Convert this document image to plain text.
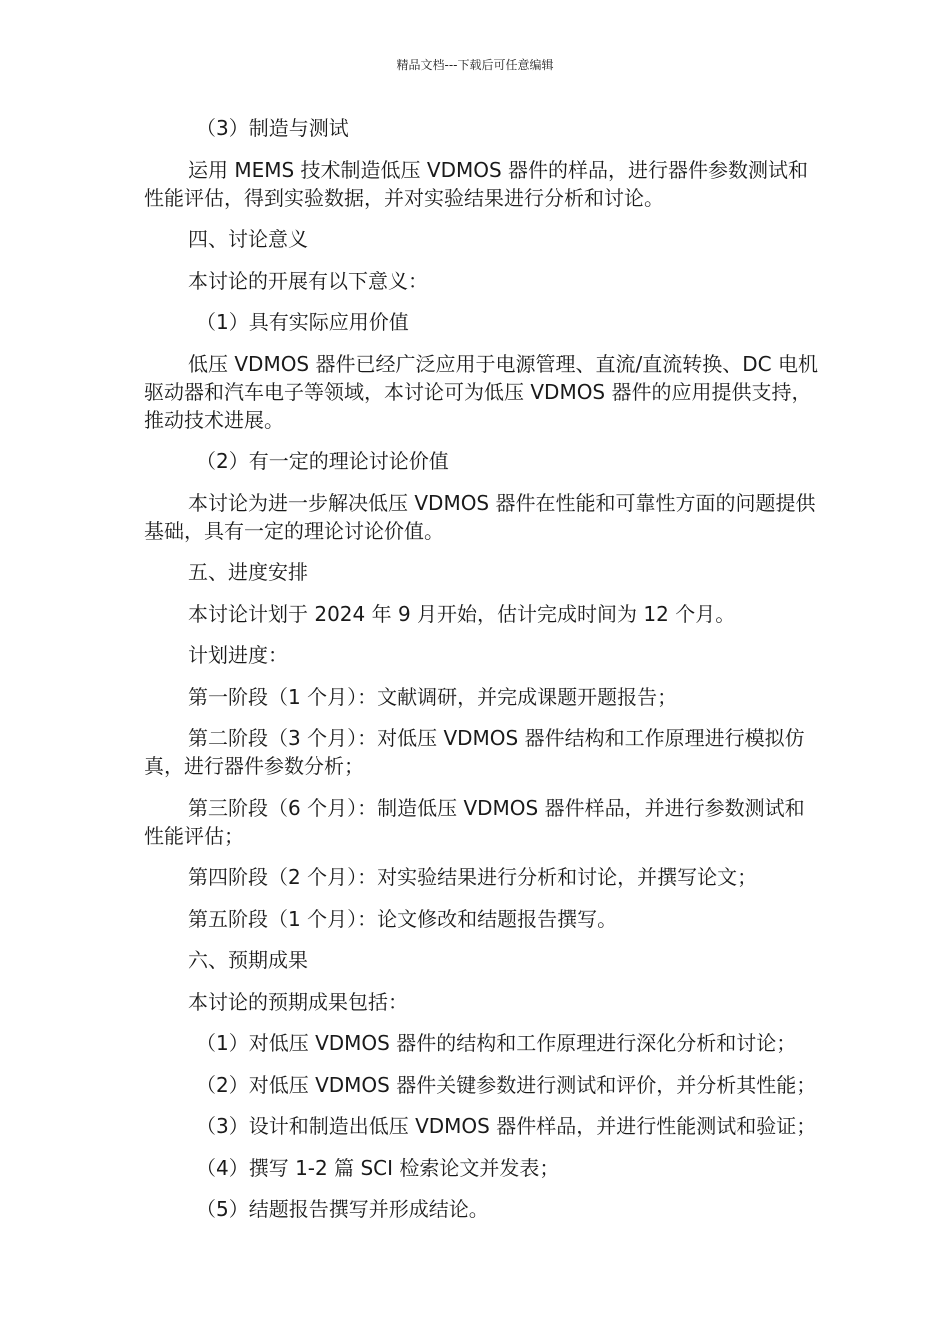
精品文档---下载后可任意编辑

（3）制造与测试

运用 MEMS 技术制造低压 VDMOS 器件的样品，进行器件参数测试和性能评估，得到实验数据，并对实验结果进行分析和讨论。

四、讨论意义

本讨论的开展有以下意义：

（1）具有实际应用价值

低压 VDMOS 器件已经广泛应用于电源管理、直流/直流转换、DC 电机驱动器和汽车电子等领域，本讨论可为低压 VDMOS 器件的应用提供支持，推动技术进展。

（2）有一定的理论讨论价值

本讨论为进一步解决低压 VDMOS 器件在性能和可靠性方面的问题提供基础，具有一定的理论讨论价值。

五、进度安排

本讨论计划于 2024 年 9 月开始，估计完成时间为 12 个月。

计划进度：

第一阶段（1 个月）：文献调研，并完成课题开题报告；

第二阶段（3 个月）：对低压 VDMOS 器件结构和工作原理进行模拟仿真，进行器件参数分析；

第三阶段（6 个月）：制造低压 VDMOS 器件样品，并进行参数测试和性能评估；

第四阶段（2 个月）：对实验结果进行分析和讨论，并撰写论文；

第五阶段（1 个月）：论文修改和结题报告撰写。

六、预期成果

本讨论的预期成果包括：

（1）对低压 VDMOS 器件的结构和工作原理进行深化分析和讨论；

（2）对低压 VDMOS 器件关键参数进行测试和评价，并分析其性能；

（3）设计和制造出低压 VDMOS 器件样品，并进行性能测试和验证；

（4）撰写 1-2 篇 SCI 检索论文并发表；

（5）结题报告撰写并形成结论。
